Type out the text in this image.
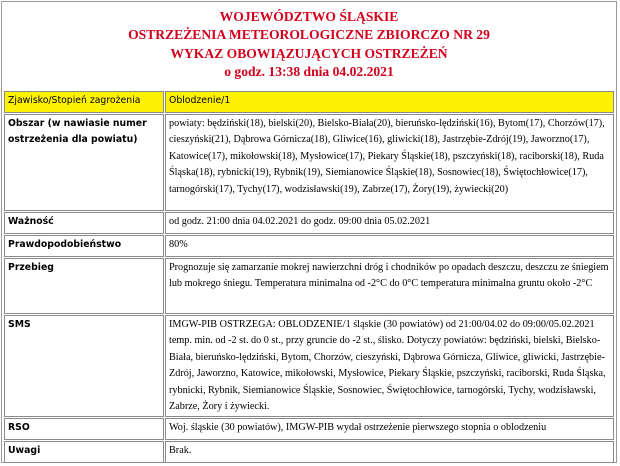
WOJEWÓDZTWO ŚLĄSKIE
OSTRZEŻENIA METEOROLOGICZNE ZBIORCZO NR 29
WYKAZ OBOWIĄZUJĄCYCH OSTRZEŻEŃ
o godz. 13:38 dnia 04.02.2021
Zjawisko/Stopień zagrożenia	Oblodzenie/1
Obszar (w nawiasie numer ostrzeżenia dla powiatu)	powiaty: będziński(18), bielski(20), Bielsko-Biała(20), bieruńsko-lędziński(16), Bytom(17), Chorzów(17), cieszyński(21), Dąbrowa Górnicza(18), Gliwice(16), gliwicki(18), Jastrzębie-Zdrój(19), Jaworzno(17), Katowice(17), mikołowski(18), Mysłowice(17), Piekary Śląskie(18), pszczyński(18), raciborski(18), Ruda Śląska(18), rybnicki(19), Rybnik(19), Siemianowice Śląskie(18), Sosnowiec(18), Świętochłowice(17), tarnogórski(17), Tychy(17), wodzisławski(19), Zabrze(17), Żory(19), żywiecki(20)
Ważność	od godz. 21:00 dnia 04.02.2021 do godz. 09:00 dnia 05.02.2021
Prawdopodobieństwo	80%
Przebieg	Prognozuje się zamarzanie mokrej nawierzchni dróg i chodników po opadach deszczu, deszczu ze śniegiem lub mokrego śniegu. Temperatura minimalna od -2°C do 0°C temperatura minimalna gruntu około -2°C
SMS	IMGW-PIB OSTRZEGA: OBLODZENIE/1 śląskie (30 powiatów) od 21:00/04.02 do 09:00/05.02.2021 temp. min. od -2 st. do 0 st., przy gruncie do -2 st., ślisko. Dotyczy powiatów: będziński, bielski, Bielsko-Biała, bieruńsko-lędziński, Bytom, Chorzów, cieszyński, Dąbrowa Górnicza, Gliwice, gliwicki, Jastrzębie-Zdrój, Jaworzno, Katowice, mikołowski, Mysłowice, Piekary Śląskie, pszczyński, raciborski, Ruda Śląska, rybnicki, Rybnik, Siemianowice Śląskie, Sosnowiec, Świętochłowice, tarnogórski, Tychy, wodzisławski, Zabrze, Żory i żywiecki.
RSO	Woj. śląskie (30 powiatów), IMGW-PIB wydał ostrzeżenie pierwszego stopnia o oblodzeniu
Uwagi	Brak.
